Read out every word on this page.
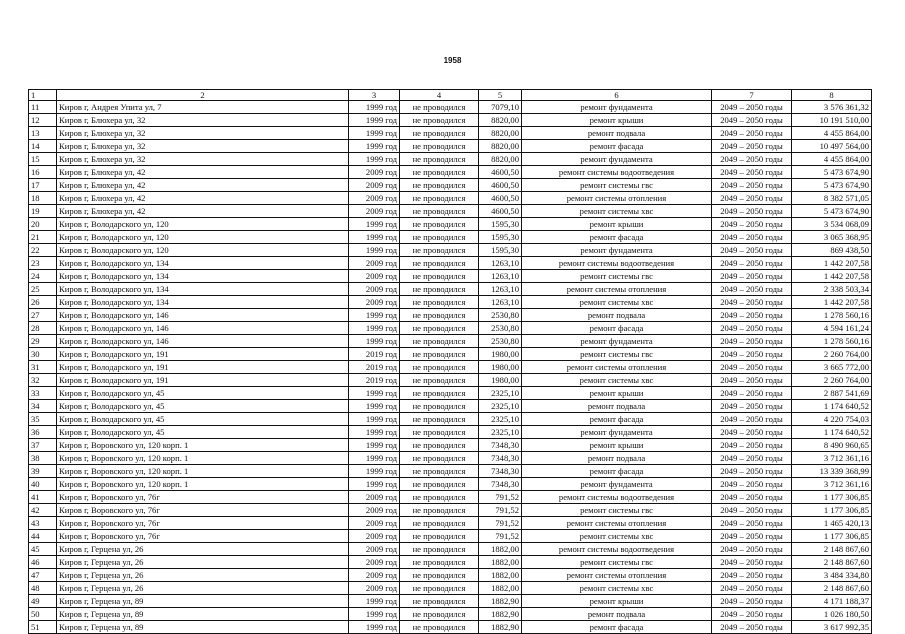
1958
1	2	3	4	5	6	7	8
11	Киров г, Андрея Упита ул, 7	1999 год	не проводился	7079,10	ремонт фундамента	2049 – 2050 годы	3 576 361,32
12	Киров г, Блюхера ул, 32	1999 год	не проводился	8820,00	ремонт крыши	2049 – 2050 годы	10 191 510,00
13	Киров г, Блюхера ул, 32	1999 год	не проводился	8820,00	ремонт подвала	2049 – 2050 годы	4 455 864,00
14	Киров г, Блюхера ул, 32	1999 год	не проводился	8820,00	ремонт фасада	2049 – 2050 годы	10 497 564,00
15	Киров г, Блюхера ул, 32	1999 год	не проводился	8820,00	ремонт фундамента	2049 – 2050 годы	4 455 864,00
16	Киров г, Блюхера ул, 42	2009 год	не проводился	4600,50	ремонт системы водоотведения	2049 – 2050 годы	5 473 674,90
17	Киров г, Блюхера ул, 42	2009 год	не проводился	4600,50	ремонт системы гвс	2049 – 2050 годы	5 473 674,90
18	Киров г, Блюхера ул, 42	2009 год	не проводился	4600,50	ремонт системы отопления	2049 – 2050 годы	8 382 571,05
19	Киров г, Блюхера ул, 42	2009 год	не проводился	4600,50	ремонт системы хвс	2049 – 2050 годы	5 473 674,90
20	Киров г, Володарского ул, 120	1999 год	не проводился	1595,30	ремонт крыши	2049 – 2050 годы	3 534 068,09
21	Киров г, Володарского ул, 120	1999 год	не проводился	1595,30	ремонт фасада	2049 – 2050 годы	3 065 368,95
22	Киров г, Володарского ул, 120	1999 год	не проводился	1595,30	ремонт фундамента	2049 – 2050 годы	869 438,50
23	Киров г, Володарского ул, 134	2009 год	не проводился	1263,10	ремонт системы водоотведения	2049 – 2050 годы	1 442 207,58
24	Киров г, Володарского ул, 134	2009 год	не проводился	1263,10	ремонт системы гвс	2049 – 2050 годы	1 442 207,58
25	Киров г, Володарского ул, 134	2009 год	не проводился	1263,10	ремонт системы отопления	2049 – 2050 годы	2 338 503,34
26	Киров г, Володарского ул, 134	2009 год	не проводился	1263,10	ремонт системы хвс	2049 – 2050 годы	1 442 207,58
27	Киров г, Володарского ул, 146	1999 год	не проводился	2530,80	ремонт подвала	2049 – 2050 годы	1 278 560,16
28	Киров г, Володарского ул, 146	1999 год	не проводился	2530,80	ремонт фасада	2049 – 2050 годы	4 594 161,24
29	Киров г, Володарского ул, 146	1999 год	не проводился	2530,80	ремонт фундамента	2049 – 2050 годы	1 278 560,16
30	Киров г, Володарского ул, 191	2019 год	не проводился	1980,00	ремонт системы гвс	2049 – 2050 годы	2 260 764,00
31	Киров г, Володарского ул, 191	2019 год	не проводился	1980,00	ремонт системы отопления	2049 – 2050 годы	3 665 772,00
32	Киров г, Володарского ул, 191	2019 год	не проводился	1980,00	ремонт системы хвс	2049 – 2050 годы	2 260 764,00
33	Киров г, Володарского ул, 45	1999 год	не проводился	2325,10	ремонт крыши	2049 – 2050 годы	2 887 541,69
34	Киров г, Володарского ул, 45	1999 год	не проводился	2325,10	ремонт подвала	2049 – 2050 годы	1 174 640,52
35	Киров г, Володарского ул, 45	1999 год	не проводился	2325,10	ремонт фасада	2049 – 2050 годы	4 220 754,03
36	Киров г, Володарского ул, 45	1999 год	не проводился	2325,10	ремонт фундамента	2049 – 2050 годы	1 174 640,52
37	Киров г, Воровского ул, 120 корп. 1	1999 год	не проводился	7348,30	ремонт крыши	2049 – 2050 годы	8 490 960,65
38	Киров г, Воровского ул, 120 корп. 1	1999 год	не проводился	7348,30	ремонт подвала	2049 – 2050 годы	3 712 361,16
39	Киров г, Воровского ул, 120 корп. 1	1999 год	не проводился	7348,30	ремонт фасада	2049 – 2050 годы	13 339 368,99
40	Киров г, Воровского ул, 120 корп. 1	1999 год	не проводился	7348,30	ремонт фундамента	2049 – 2050 годы	3 712 361,16
41	Киров г, Воровского ул, 76г	2009 год	не проводился	791,52	ремонт системы водоотведения	2049 – 2050 годы	1 177 306,85
42	Киров г, Воровского ул, 76г	2009 год	не проводился	791,52	ремонт системы гвс	2049 – 2050 годы	1 177 306,85
43	Киров г, Воровского ул, 76г	2009 год	не проводился	791,52	ремонт системы отопления	2049 – 2050 годы	1 465 420,13
44	Киров г, Воровского ул, 76г	2009 год	не проводился	791,52	ремонт системы хвс	2049 – 2050 годы	1 177 306,85
45	Киров г, Герцена ул, 26	2009 год	не проводился	1882,00	ремонт системы водоотведения	2049 – 2050 годы	2 148 867,60
46	Киров г, Герцена ул, 26	2009 год	не проводился	1882,00	ремонт системы гвс	2049 – 2050 годы	2 148 867,60
47	Киров г, Герцена ул, 26	2009 год	не проводился	1882,00	ремонт системы отопления	2049 – 2050 годы	3 484 334,80
48	Киров г, Герцена ул, 26	2009 год	не проводился	1882,00	ремонт системы хвс	2049 – 2050 годы	2 148 867,60
49	Киров г, Герцена ул, 89	1999 год	не проводился	1882,90	ремонт крыши	2049 – 2050 годы	4 171 188,37
50	Киров г, Герцена ул, 89	1999 год	не проводился	1882,90	ремонт подвала	2049 – 2050 годы	1 026 180,50
51	Киров г, Герцена ул, 89	1999 год	не проводился	1882,90	ремонт фасада	2049 – 2050 годы	3 617 992,35
